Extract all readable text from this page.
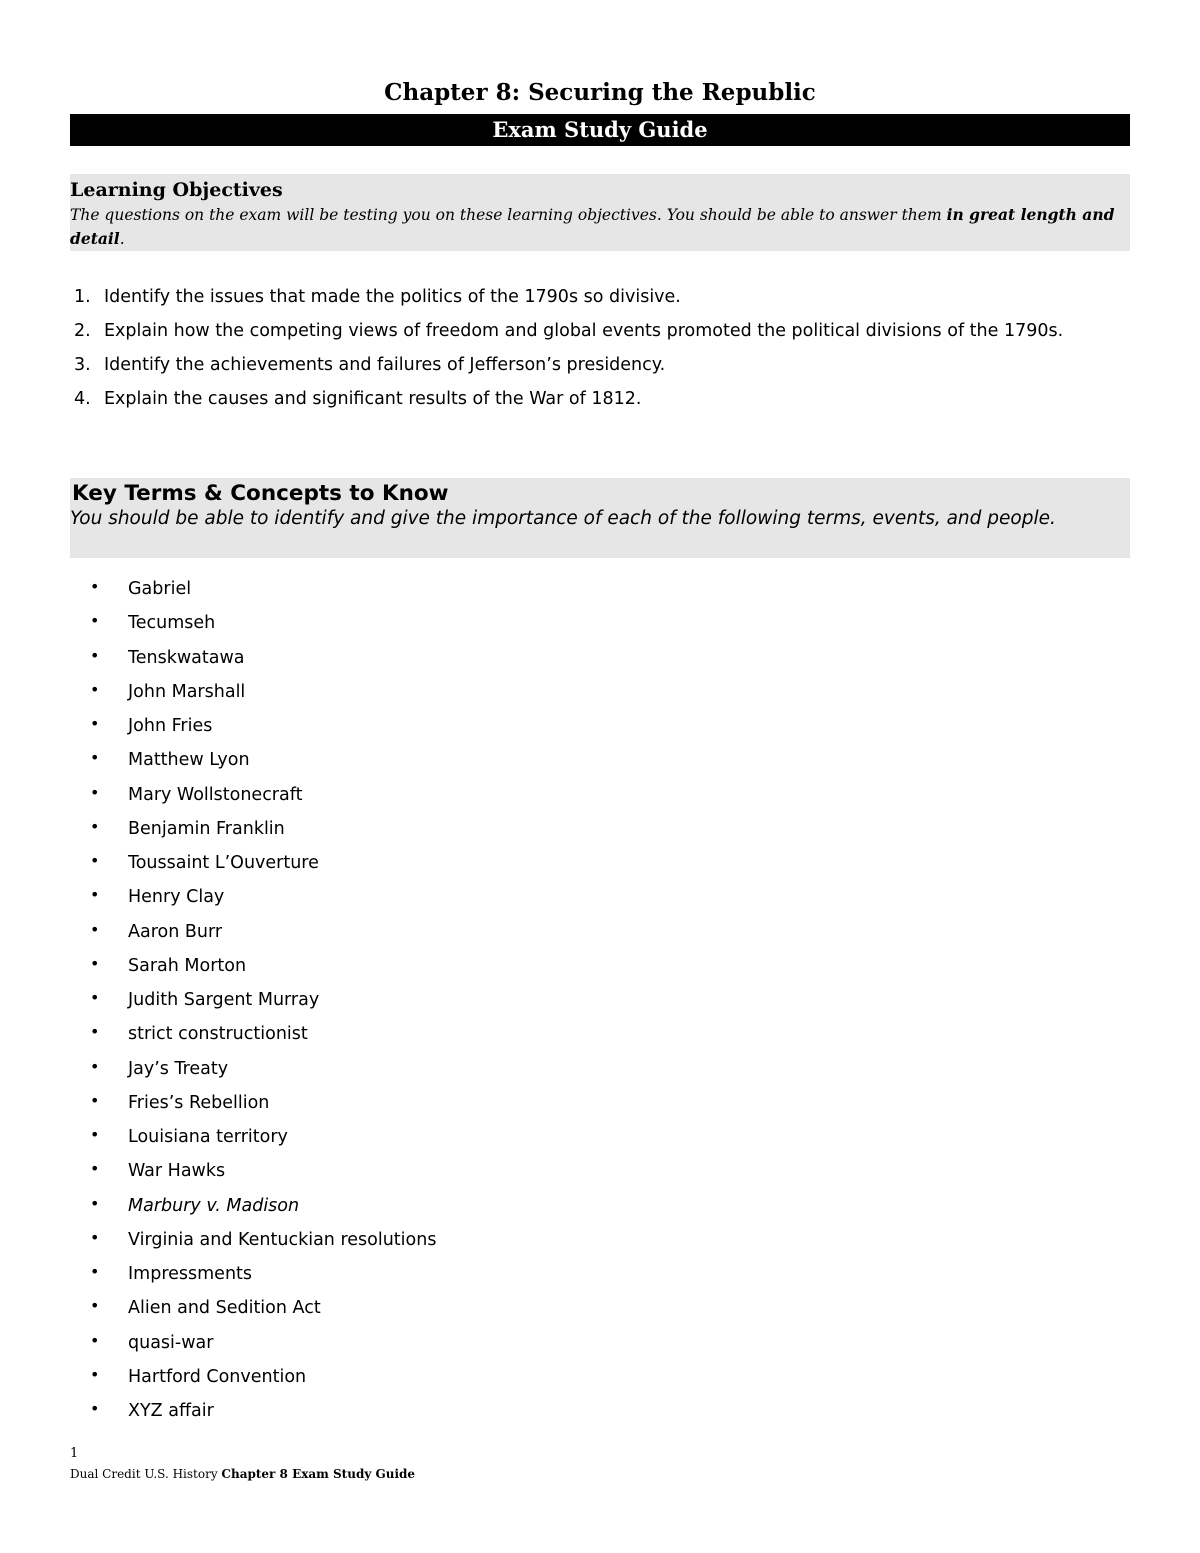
Chapter 8: Securing the Republic
Exam Study Guide
Learning Objectives
The questions on the exam will be testing you on these learning objectives. You should be able to answer them in great length and detail.
1. Identify the issues that made the politics of the 1790s so divisive.
2. Explain how the competing views of freedom and global events promoted the political divisions of the 1790s.
3. Identify the achievements and failures of Jefferson’s presidency.
4. Explain the causes and significant results of the War of 1812.
Key Terms & Concepts to Know
You should be able to identify and give the importance of each of the following terms, events, and people.
• Gabriel
• Tecumseh
• Tenskwatawa
• John Marshall
• John Fries
• Matthew Lyon
• Mary Wollstonecraft
• Benjamin Franklin
• Toussaint L’Ouverture
• Henry Clay
• Aaron Burr
• Sarah Morton
• Judith Sargent Murray
• strict constructionist
• Jay’s Treaty
• Fries’s Rebellion
• Louisiana territory
• War Hawks
• Marbury v. Madison
• Virginia and Kentuckian resolutions
• Impressments
• Alien and Sedition Act
• quasi-war
• Hartford Convention
• XYZ affair
1
Dual Credit U.S. History Chapter 8 Exam Study Guide
